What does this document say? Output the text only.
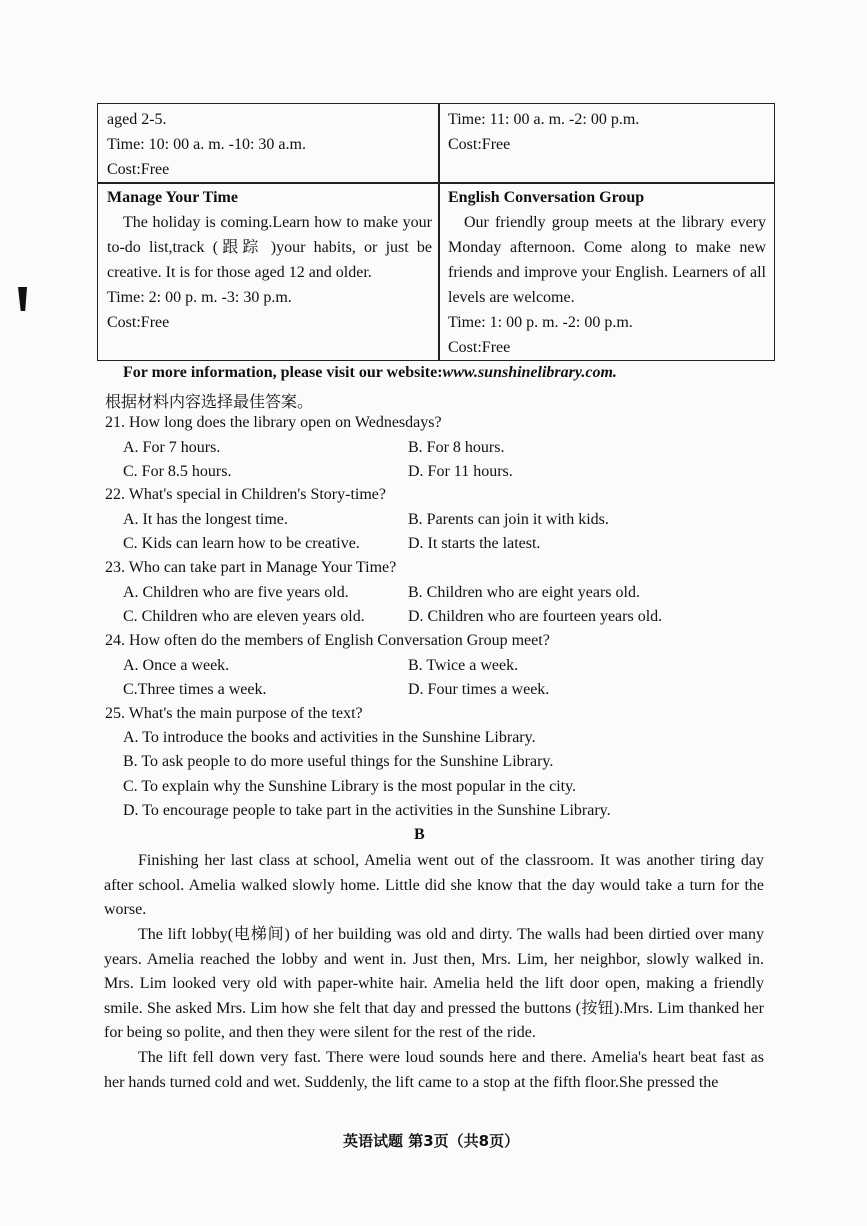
aged 2-5.
Time: 10: 00 a. m. -10: 30 a.m.
Cost:Free
Time: 11: 00 a. m. -2: 00 p.m.
Cost:Free
Manage Your Time
The holiday is coming.Learn how to make your to-do list,track (跟踪 )your habits, or just be creative. It is for those aged 12 and older.
Time: 2: 00 p. m. -3: 30 p.m.
Cost:Free
English Conversation Group
Our friendly group meets at the library every Monday afternoon. Come along to make new friends and improve your English. Learners of all levels are welcome.
Time: 1: 00 p. m. -2: 00 p.m.
Cost:Free
For more information, please visit our website:www.sunshinelibrary.com.
根据材料内容选择最佳答案。
21. How long does the library open on Wednesdays?
A. For 7 hours.	B. For 8 hours.
C. For 8.5 hours.	D. For 11 hours.
22. What's special in Children's Story-time?
A. It has the longest time.	B. Parents can join it with kids.
C. Kids can learn how to be creative.	D. It starts the latest.
23. Who can take part in Manage Your Time?
A. Children who are five years old.	B. Children who are eight years old.
C. Children who are eleven years old.	D. Children who are fourteen years old.
24. How often do the members of English Conversation Group meet?
A. Once a week.	B. Twice a week.
C.Three times a week.	D. Four times a week.
25. What's the main purpose of the text?
A. To introduce the books and activities in the Sunshine Library.
B. To ask people to do more useful things for the Sunshine Library.
C. To explain why the Sunshine Library is the most popular in the city.
D. To encourage people to take part in the activities in the Sunshine Library.
B
Finishing her last class at school, Amelia went out of the classroom. It was another tiring day after school. Amelia walked slowly home. Little did she know that the day would take a turn for the worse.
The lift lobby(电梯间) of her building was old and dirty. The walls had been dirtied over many years. Amelia reached the lobby and went in. Just then, Mrs. Lim, her neighbor, slowly walked in. Mrs. Lim looked very old with paper-white hair. Amelia held the lift door open, making a friendly smile. She asked Mrs. Lim how she felt that day and pressed the buttons (按钮).Mrs. Lim thanked her for being so polite, and then they were silent for the rest of the ride.
The lift fell down very fast. There were loud sounds here and there. Amelia's heart beat fast as her hands turned cold and wet. Suddenly, the lift came to a stop at the fifth floor.She pressed the
英语试题 第3页（共8页）
